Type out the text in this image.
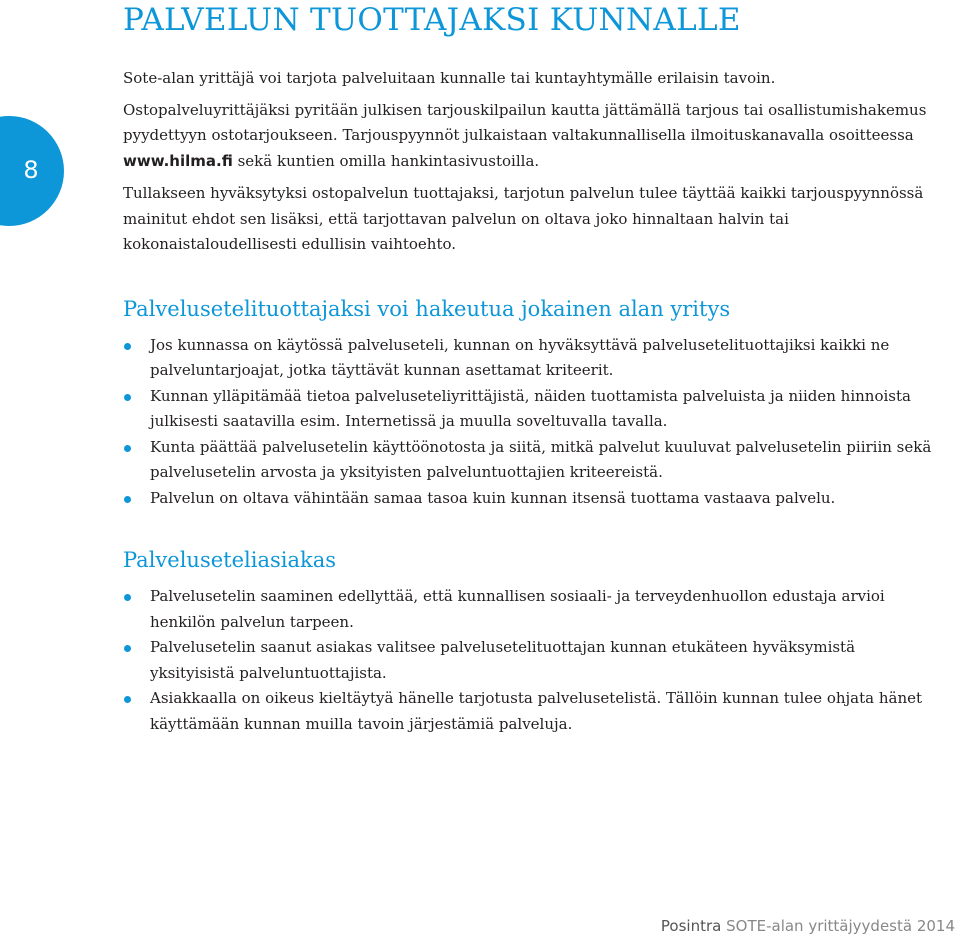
8
PALVELUN TUOTTAJAKSI KUNNALLE

Sote-alan yrittäjä voi tarjota palveluitaan kunnalle tai kuntayhtymälle erilaisin tavoin.

Ostopalveluyrittäjäksi pyritään julkisen tarjouskilpailun kautta jättämällä tarjous tai osallistumishakemus pyydettyyn ostotarjoukseen. Tarjouspyynnöt julkaistaan valtakunnallisella ilmoituskanavalla osoitteessa www.hilma.fi sekä kuntien omilla hankintasivustoilla.

Tullakseen hyväksytyksi ostopalvelun tuottajaksi, tarjotun palvelun tulee täyttää kaikki tarjouspyynnössä mainitut ehdot sen lisäksi, että tarjottavan palvelun on oltava joko hinnaltaan halvin tai kokonaistaloudellisesti edullisin vaihtoehto.

Palvelusetelituottajaksi voi hakeutua jokainen alan yritys
Jos kunnassa on käytössä palveluseteli, kunnan on hyväksyttävä palvelusetelituottajiksi kaikki ne palveluntarjoajat, jotka täyttävät kunnan asettamat kriteerit.
Kunnan ylläpitämää tietoa palveluseteliyrittäjistä, näiden tuottamista palveluista ja niiden hinnoista julkisesti saatavilla esim. Internetissä ja muulla soveltuvalla tavalla.
Kunta päättää palvelusetelin käyttöönotosta ja siitä, mitkä palvelut kuuluvat palvelusetelin piiriin sekä palvelusetelin arvosta ja yksityisten palveluntuottajien kriteereistä.
Palvelun on oltava vähintään samaa tasoa kuin kunnan itsensä tuottama vastaava palvelu.
Palveluseteliasiakas
Palvelusetelin saaminen edellyttää, että kunnallisen sosiaali- ja terveydenhuollon edustaja arvioi henkilön palvelun tarpeen.
Palvelusetelin saanut asiakas valitsee palvelusetelituottajan kunnan etukäteen hyväksymistä yksityisistä palveluntuottajista.
Asiakkaalla on oikeus kieltäytyä hänelle tarjotusta palvelusetelistä. Tällöin kunnan tulee ohjata hänet käyttämään kunnan muilla tavoin järjestämiä palveluja.
Posintra SOTE-alan yrittäjyydestä 2014
